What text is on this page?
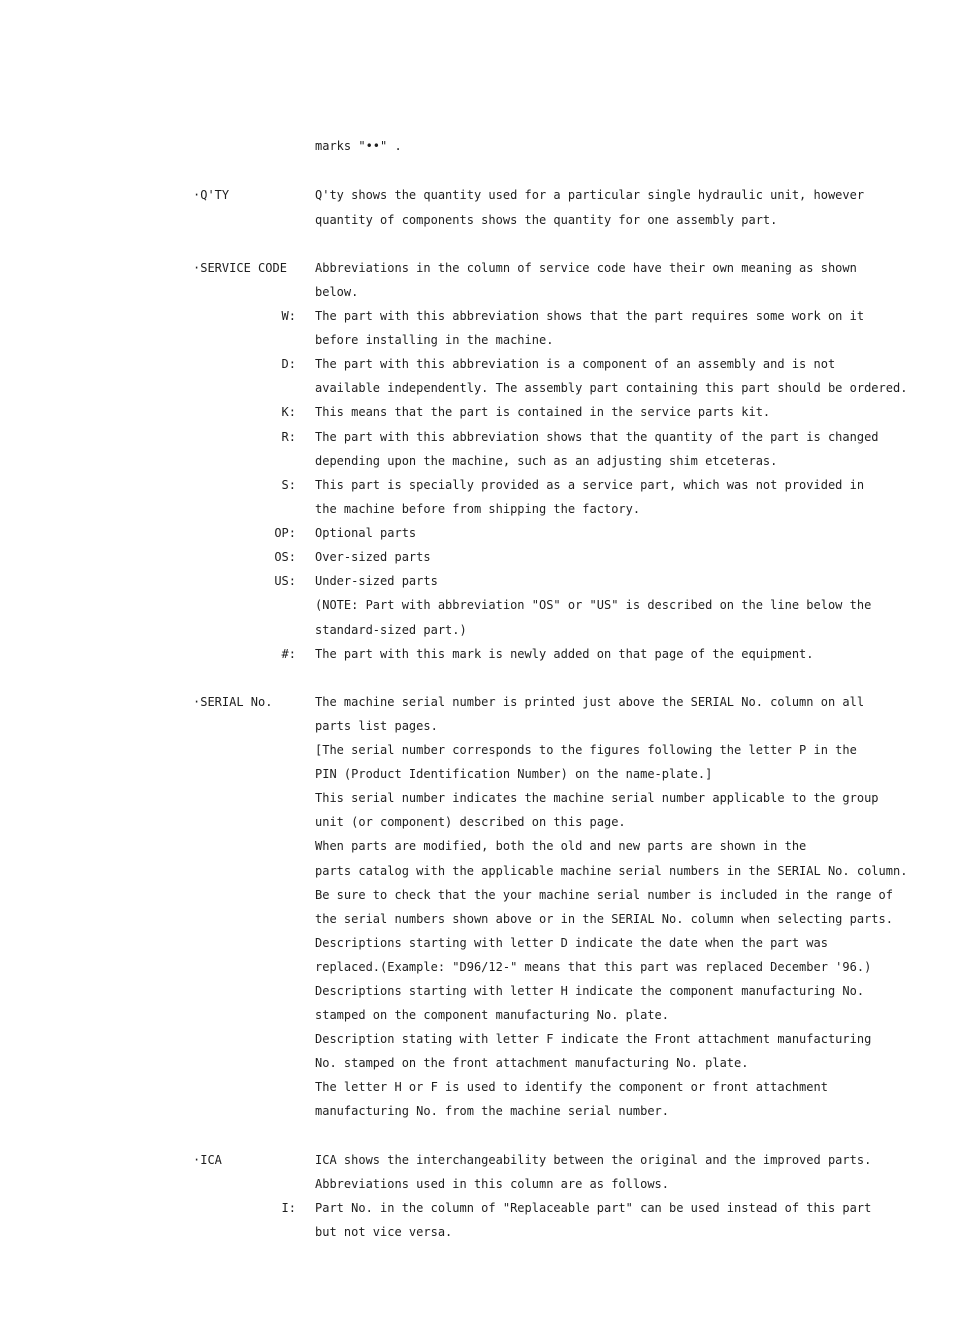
marks "••" .
·Q'TY	Q'ty shows the quantity used for a particular single hydraulic unit, however
quantity of components shows the quantity for one assembly part.
·SERVICE CODE Abbreviations in the column of service code have their own meaning as shown
below.
W: The part with this abbreviation shows that the part requires some work on it
before installing in the machine.
D: The part with this abbreviation is a component of an assembly and is not
available independently. The assembly part containing this part should be ordered.
K: This means that the part is contained in the service parts kit.
R: The part with this abbreviation shows that the quantity of the part is changed
depending upon the machine, such as an adjusting shim etceteras.
S: This part is specially provided as a service part, which was not provided in
the machine before from shipping the factory.
OP: Optional parts
OS: Over-sized parts
US: Under-sized parts
(NOTE: Part with abbreviation "OS" or "US" is described on the line below the
standard-sized part.)
#: The part with this mark is newly added on that page of the equipment.
·SERIAL No.	The machine serial number is printed just above the SERIAL No. column on all
parts list pages.
[The serial number corresponds to the figures following the letter P in the
PIN (Product Identification Number) on the name-plate.]
This serial number indicates the machine serial number applicable to the group
unit (or component) described on this page.
When parts are modified, both the old and new parts are shown in the
parts catalog with the applicable machine serial numbers in the SERIAL No. column.
Be sure to check that the your machine serial number is included in the range of
the serial numbers shown above or in the SERIAL No. column when selecting parts.
Descriptions starting with letter D indicate the date when the part was
replaced.(Example: "D96/12-" means that this part was replaced December '96.)
Descriptions starting with letter H indicate the component manufacturing No.
stamped on the component manufacturing No. plate.
Description stating with letter F indicate the Front attachment manufacturing
No. stamped on the front attachment manufacturing No. plate.
The letter H or F is used to identify the component or front attachment
manufacturing No. from the machine serial number.
·ICA	ICA shows the interchangeability between the original and the improved parts.
Abbreviations used in this column are as follows.
I: Part No. in the column of "Replaceable part" can be used instead of this part
but not vice versa.
